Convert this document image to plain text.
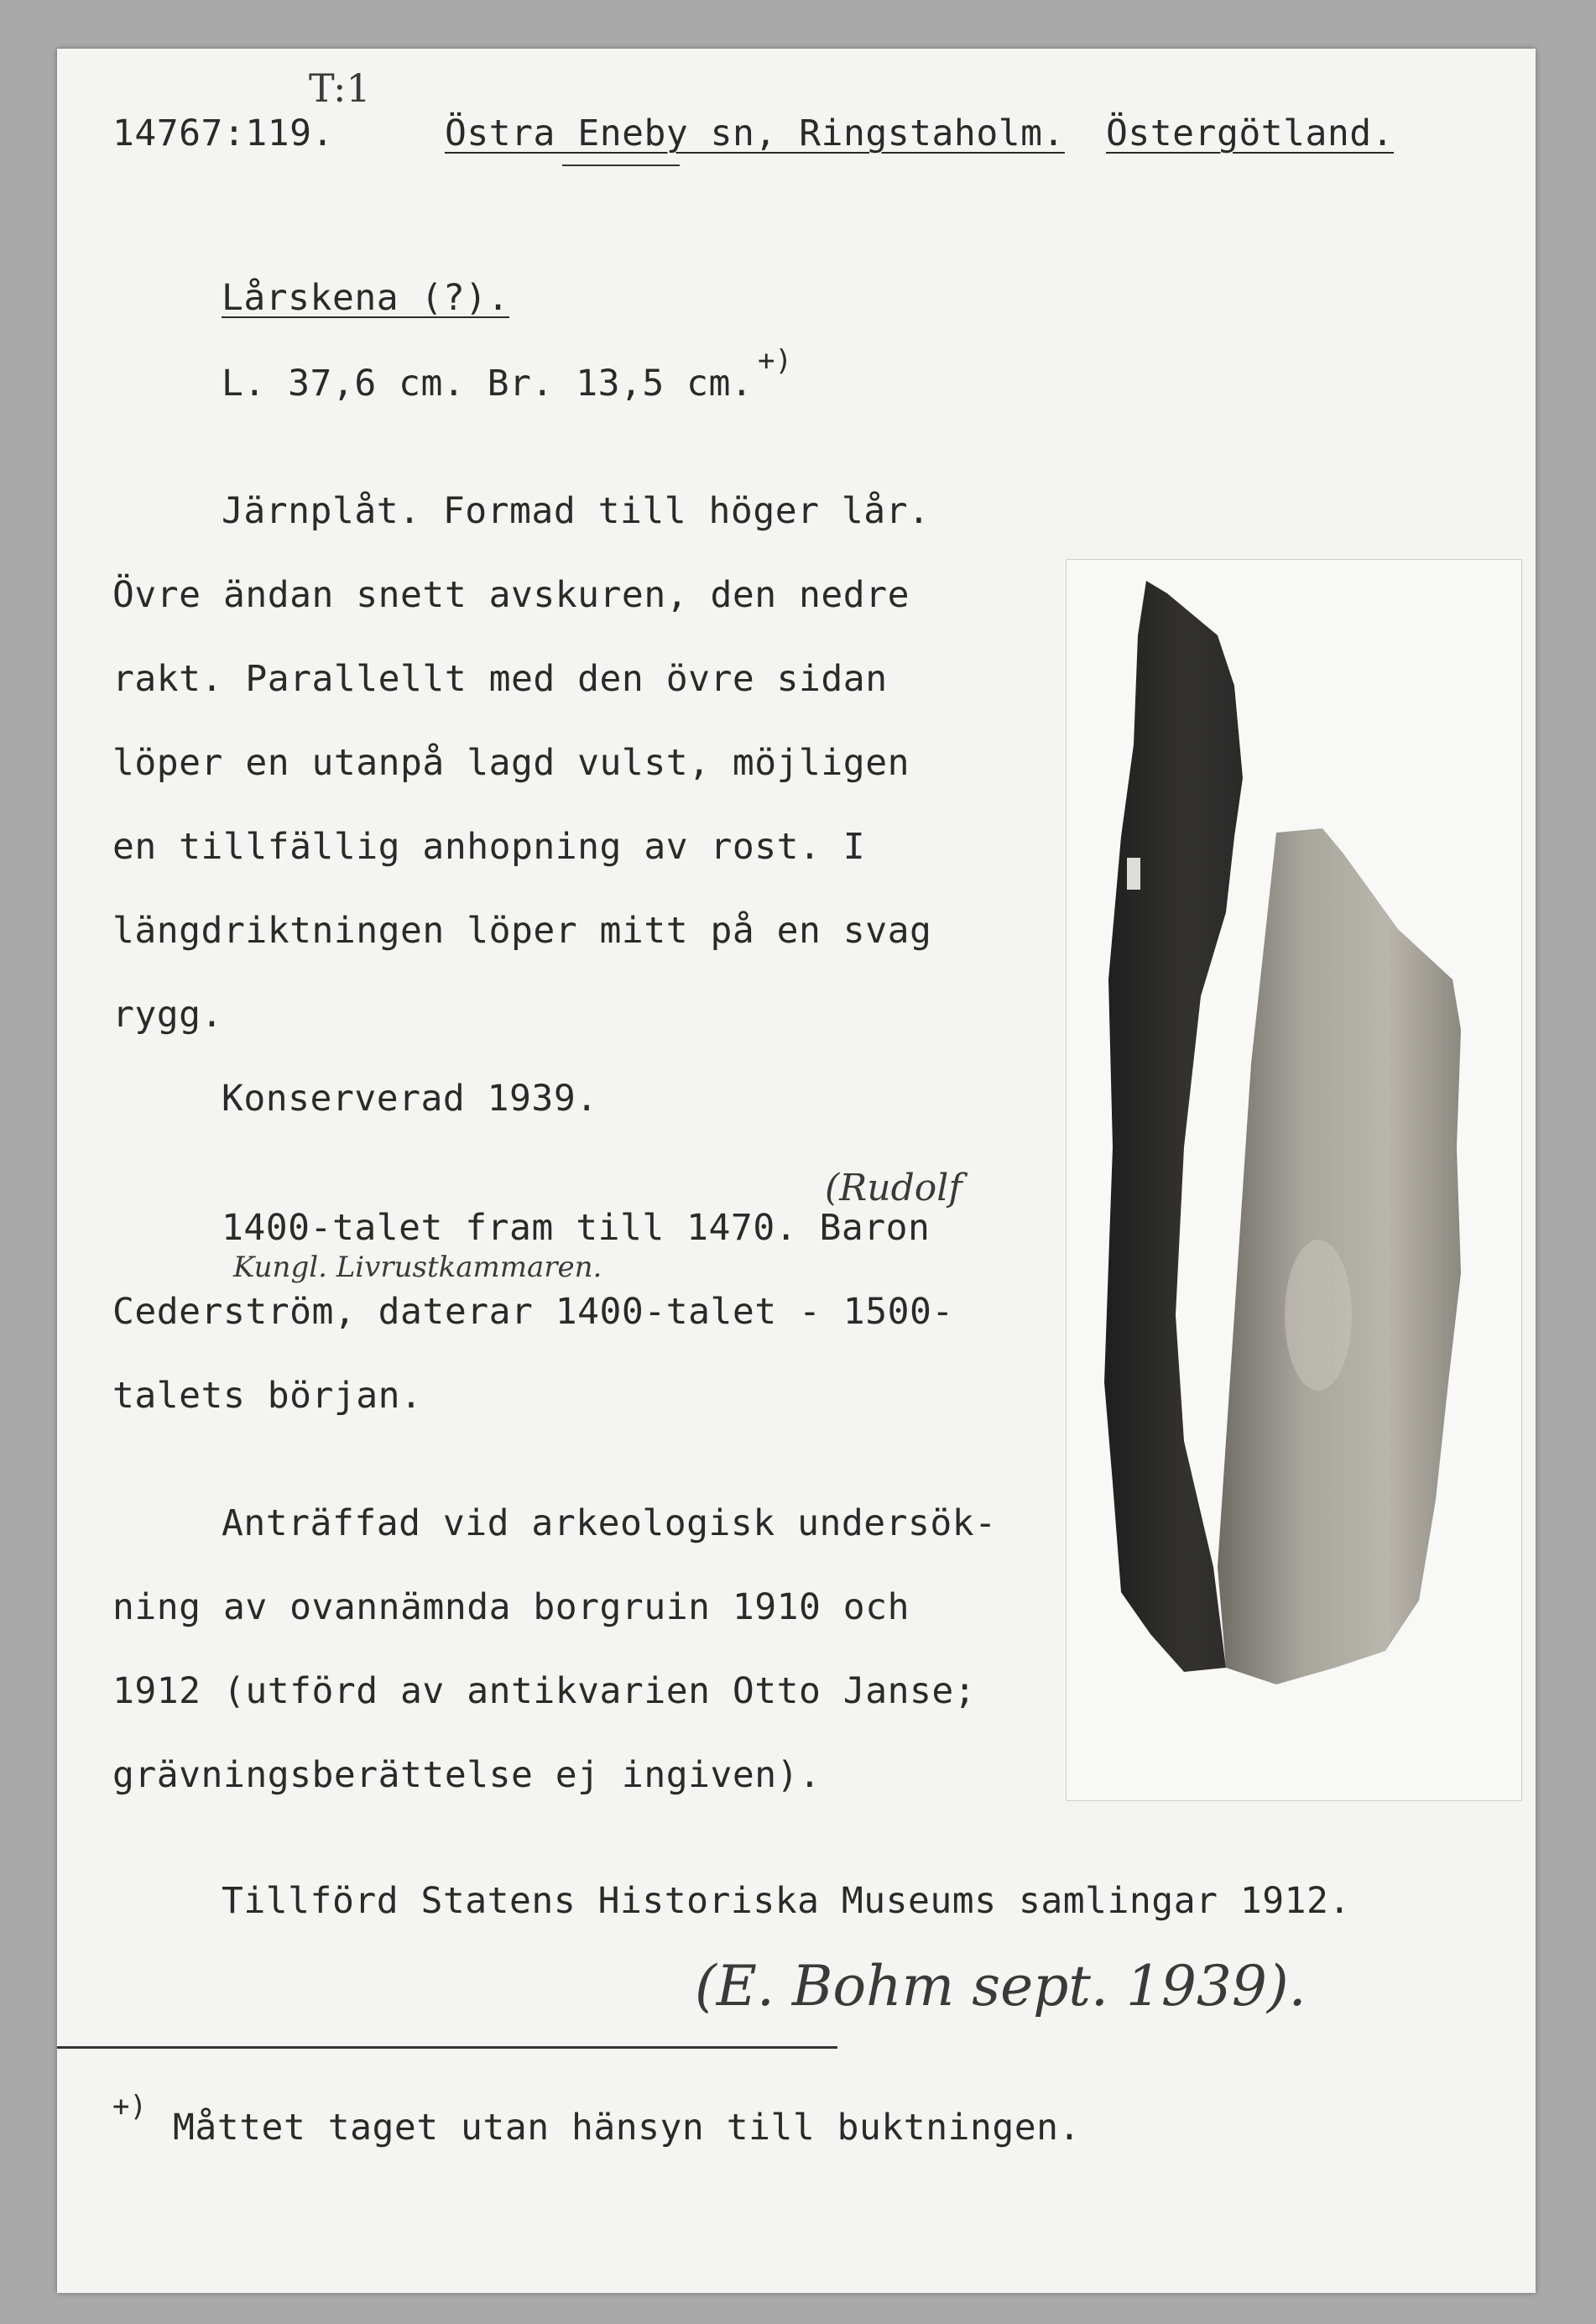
T:1
14767:119.	Östra Eneby sn, Ringstaholm. Östergötland.
Lårskena (?).
L. 37,6 cm. Br. 13,5 cm.
+)
Järnplåt. Formad till höger lår.
Övre ändan snett avskuren, den nedre
rakt. Parallellt med den övre sidan
löper en utanpå lagd vulst, möjligen
en tillfällig anhopning av rost. I
längdriktningen löper mitt på en svag
rygg.
Konserverad 1939.
(Rudolf
1400-talet fram till 1470. Baron
Kungl. Livrustkammaren.
Cederström, daterar 1400-talet - 1500-
talets början.
Anträffad vid arkeologisk undersök-
ning av ovannämnda borgruin 1910 och
1912 (utförd av antikvarien Otto Janse;
grävningsberättelse ej ingiven).
Tillförd Statens Historiska Museums samlingar 1912.
(E. Bohm sept. 1939).
+) Måttet taget utan hänsyn till buktningen.
